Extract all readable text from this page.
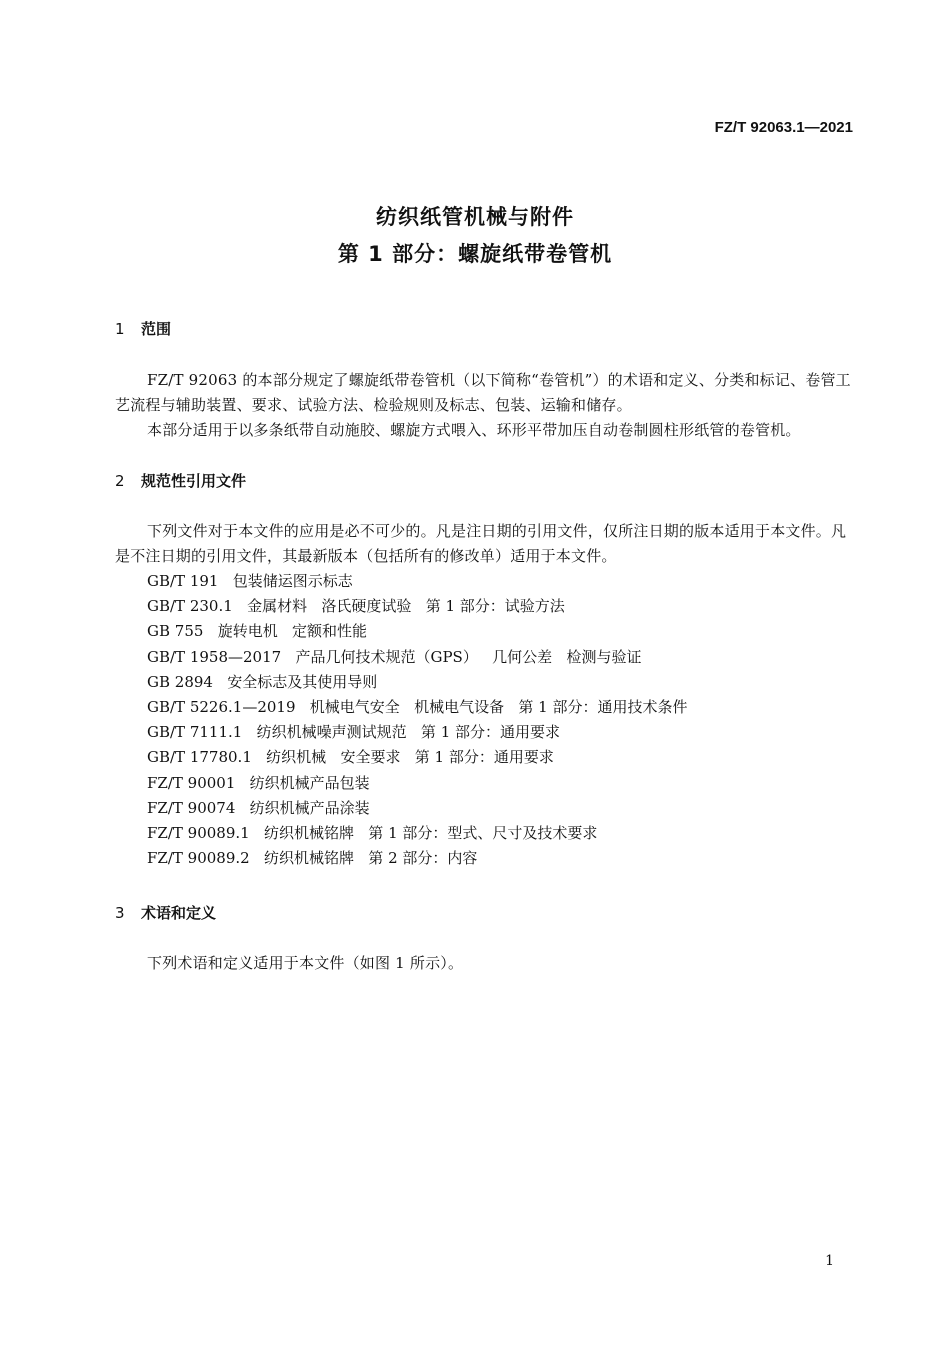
FZ/T 92063.1—2021
纺织纸管机械与附件
第 1 部分：螺旋纸带卷管机
1 范围
FZ/T 92063 的本部分规定了螺旋纸带卷管机（以下简称“卷管机”）的术语和定义、分类和标记、卷管工艺流程与辅助装置、要求、试验方法、检验规则及标志、包装、运输和储存。
本部分适用于以多条纸带自动施胶、螺旋方式喂入、环形平带加压自动卷制圆柱形纸管的卷管机。
2 规范性引用文件
下列文件对于本文件的应用是必不可少的。凡是注日期的引用文件，仅所注日期的版本适用于本文件。凡是不注日期的引用文件，其最新版本（包括所有的修改单）适用于本文件。
GB/T 191   包装储运图示标志
GB/T 230.1   金属材料   洛氏硬度试验   第 1 部分：试验方法
GB 755   旋转电机   定额和性能
GB/T 1958—2017   产品几何技术规范（GPS）   几何公差   检测与验证
GB 2894   安全标志及其使用导则
GB/T 5226.1—2019   机械电气安全   机械电气设备   第 1 部分：通用技术条件
GB/T 7111.1   纺织机械噪声测试规范   第 1 部分：通用要求
GB/T 17780.1   纺织机械   安全要求   第 1 部分：通用要求
FZ/T 90001   纺织机械产品包装
FZ/T 90074   纺织机械产品涂装
FZ/T 90089.1   纺织机械铭牌   第 1 部分：型式、尺寸及技术要求
FZ/T 90089.2   纺织机械铭牌   第 2 部分：内容
3 术语和定义
下列术语和定义适用于本文件（如图 1 所示）。
1
